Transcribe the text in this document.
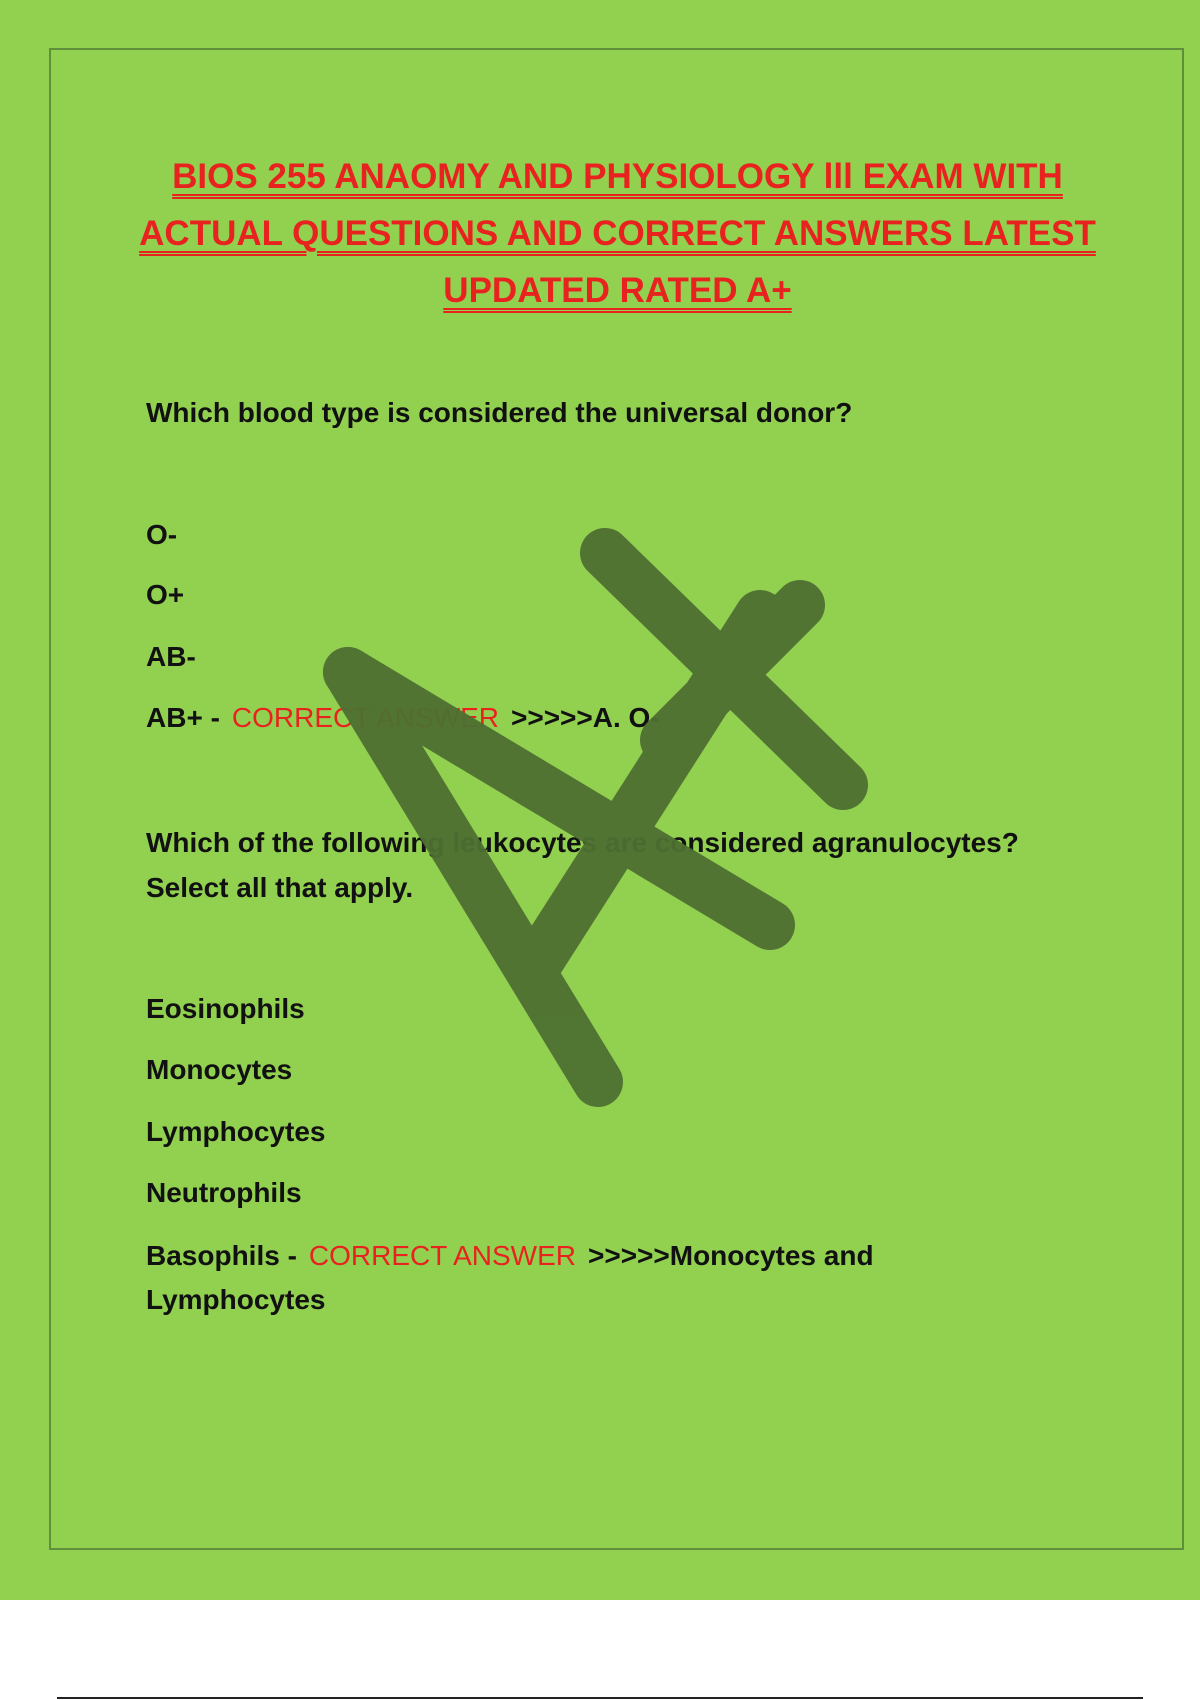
BIOS 255 ANAOMY AND PHYSIOLOGY lll EXAM WITH
ACTUAL QUESTIONS AND CORRECT ANSWERS LATEST
UPDATED RATED A+
Which blood type is considered the universal donor?
O-
O+
AB-
AB+ - CORRECT ANSWER >>>>>A. O-
Which of the following leukocytes are considered agranulocytes?
Select all that apply.
Eosinophils
Monocytes
Lymphocytes
Neutrophils
Basophils - CORRECT ANSWER >>>>>Monocytes and
Lymphocytes
